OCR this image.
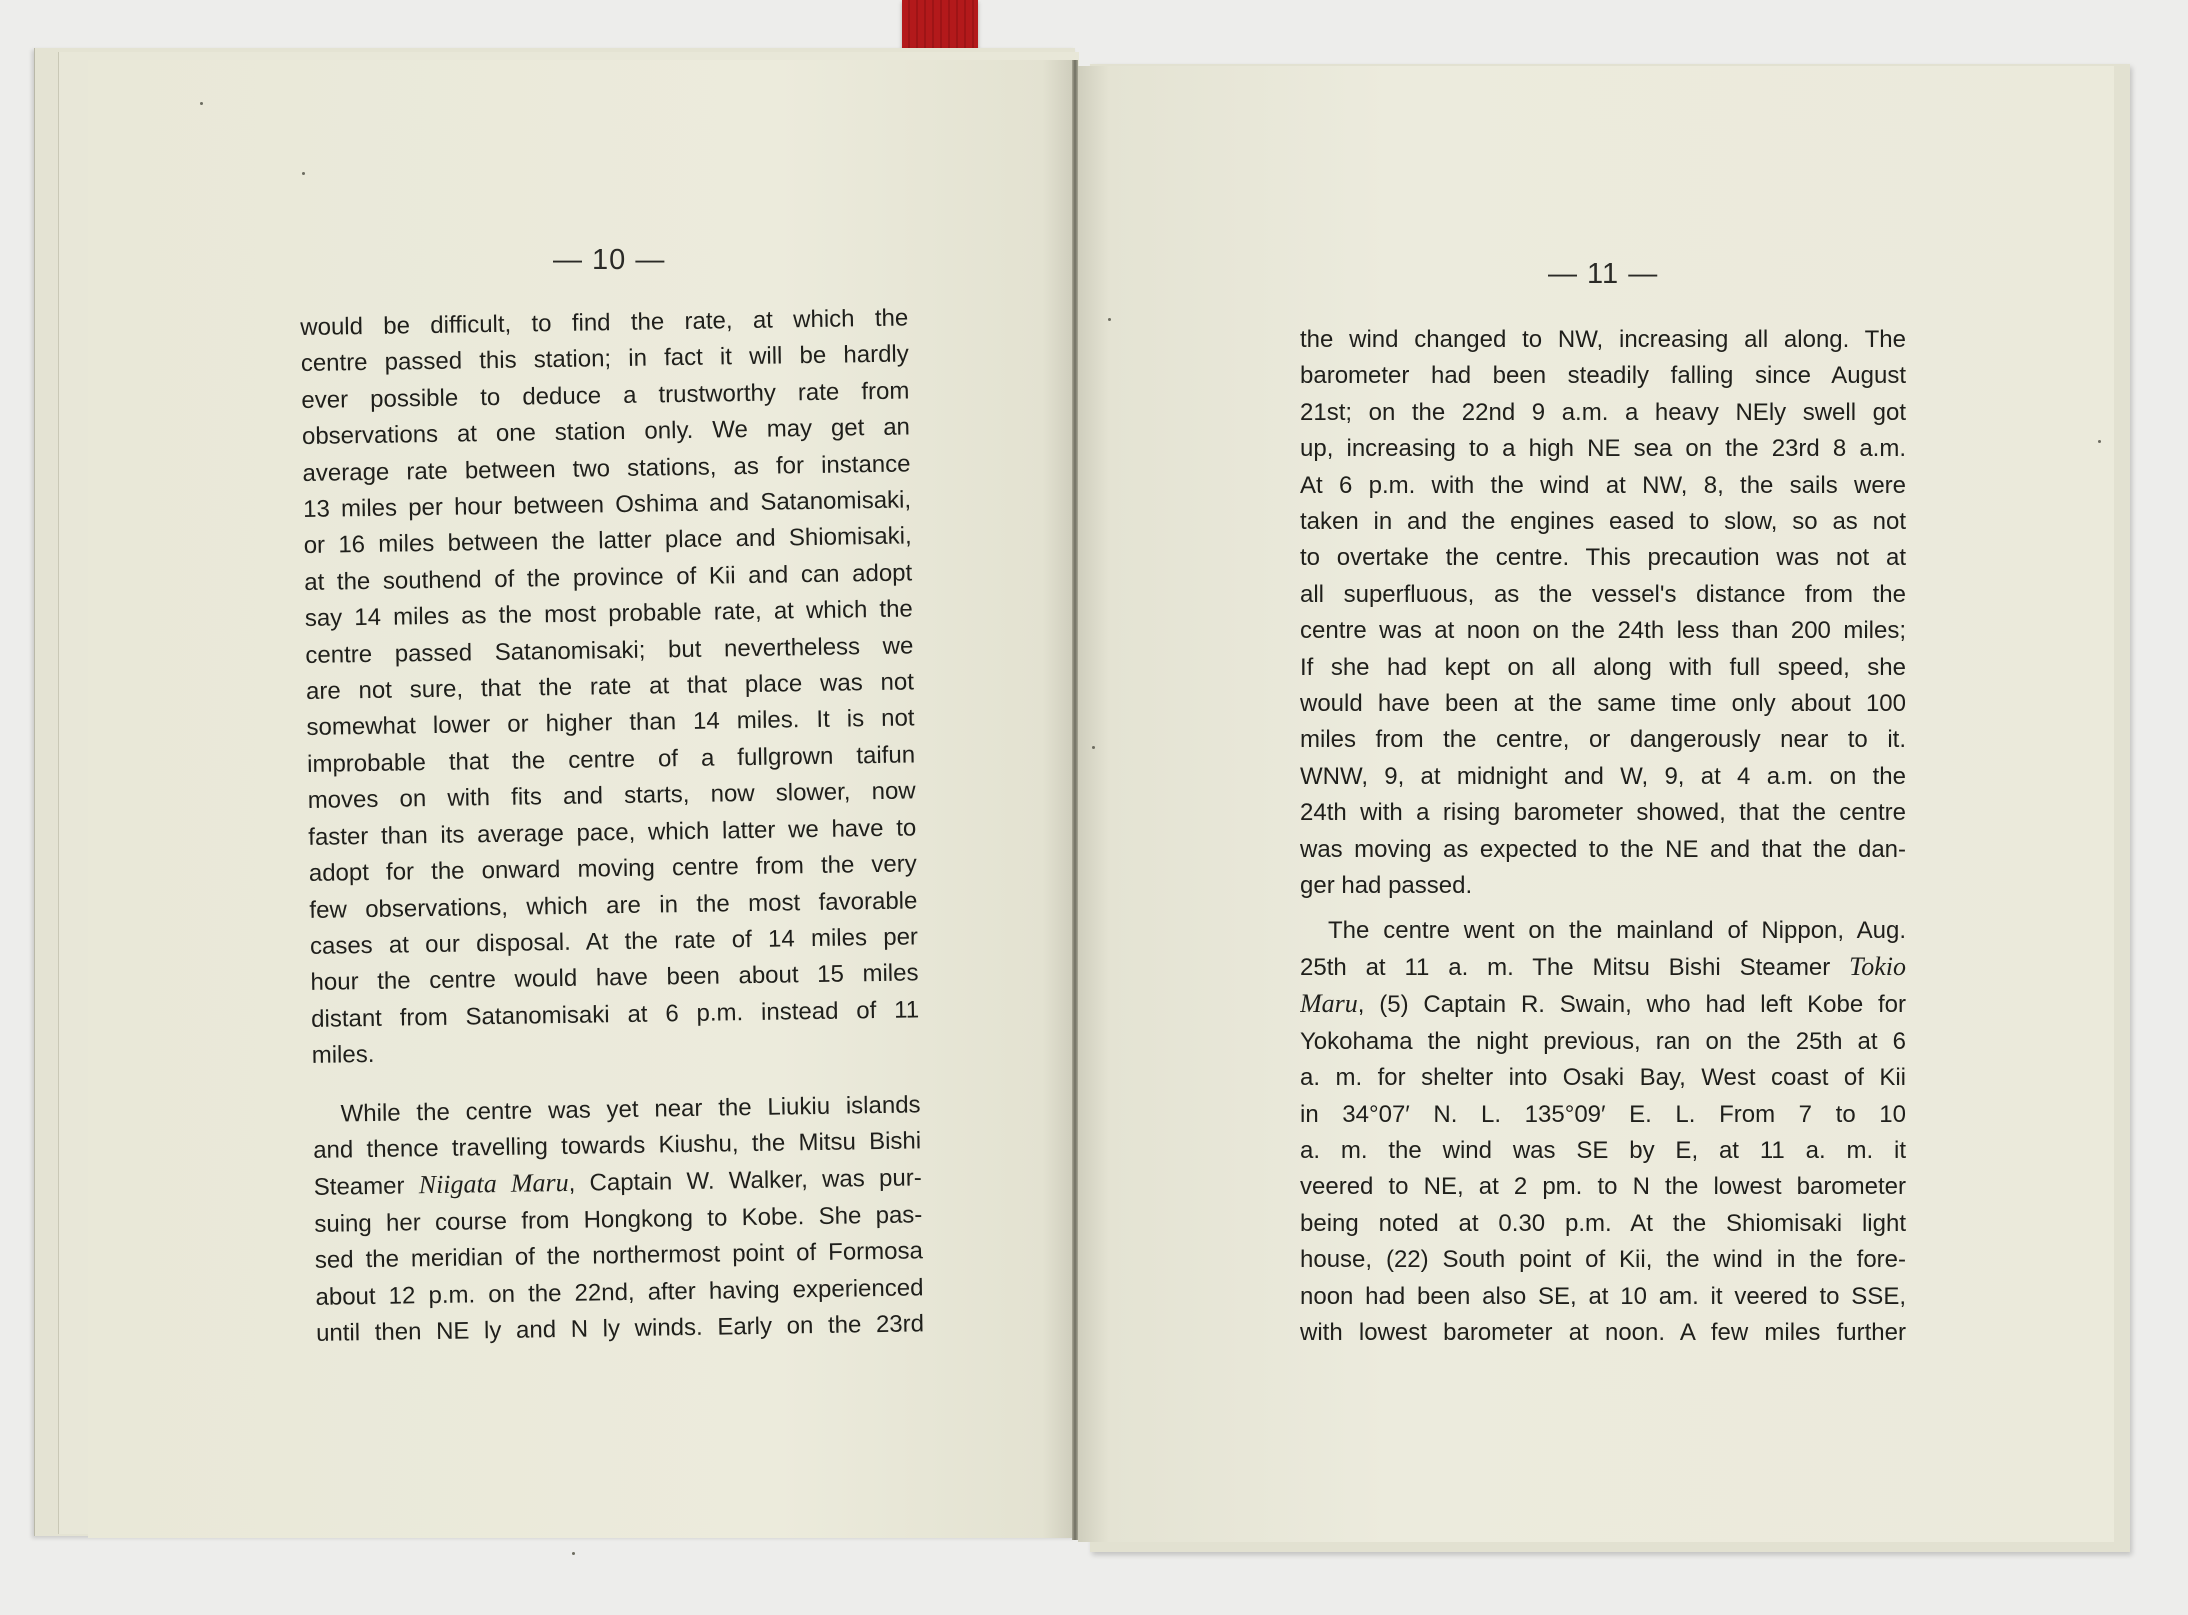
— 10 —	— 11 —
would be difficult, to find the rate, at which the
centre passed this station; in fact it will be hardly
ever possible to deduce a trustworthy rate from
observations at one station only. We may get an
average rate between two stations, as for instance
13 miles per hour between Oshima and Satanomisaki,
or 16 miles between the latter place and Shiomisaki,
at the southend of the province of Kii and can adopt
say 14 miles as the most probable rate, at which the
centre passed Satanomisaki; but nevertheless we
are not sure, that the rate at that place was not
somewhat lower or higher than 14 miles. It is not
improbable that the centre of a fullgrown taifun
moves on with fits and starts, now slower, now
faster than its average pace, which latter we have to
adopt for the onward moving centre from the very
few observations, which are in the most favorable
cases at our disposal. At the rate of 14 miles per
hour the centre would have been about 15 miles
distant from Satanomisaki at 6 p.m. instead of 11
miles.
While the centre was yet near the Liukiu islands
and thence travelling towards Kiushu, the Mitsu Bishi
Steamer Niigata Maru, Captain W. Walker, was pur-
suing her course from Hongkong to Kobe. She pas-
sed the meridian of the northermost point of Formosa
about 12 p.m. on the 22nd, after having experienced
until then NE ly and N ly winds. Early on the 23rd
the wind changed to NW, increasing all along. The
barometer had been steadily falling since August
21st; on the 22nd 9 a.m. a heavy NEly swell got
up, increasing to a high NE sea on the 23rd 8 a.m.
At 6 p.m. with the wind at NW, 8, the sails were
taken in and the engines eased to slow, so as not
to overtake the centre. This precaution was not at
all superfluous, as the vessel's distance from the
centre was at noon on the 24th less than 200 miles;
If she had kept on all along with full speed, she
would have been at the same time only about 100
miles from the centre, or dangerously near to it.
WNW, 9, at midnight and W, 9, at 4 a.m. on the
24th with a rising barometer showed, that the centre
was moving as expected to the NE and that the dan-
ger had passed.
The centre went on the mainland of Nippon, Aug.
25th at 11 a. m. The Mitsu Bishi Steamer Tokio
Maru, (5) Captain R. Swain, who had left Kobe for
Yokohama the night previous, ran on the 25th at 6
a. m. for shelter into Osaki Bay, West coast of Kii
in 34°07′ N. L. 135°09′ E. L. From 7 to 10
a. m. the wind was SE by E, at 11 a. m. it
veered to NE, at 2 pm. to N the lowest barometer
being noted at 0.30 p.m. At the Shiomisaki light
house, (22) South point of Kii, the wind in the fore-
noon had been also SE, at 10 am. it veered to SSE,
with lowest barometer at noon. A few miles further
